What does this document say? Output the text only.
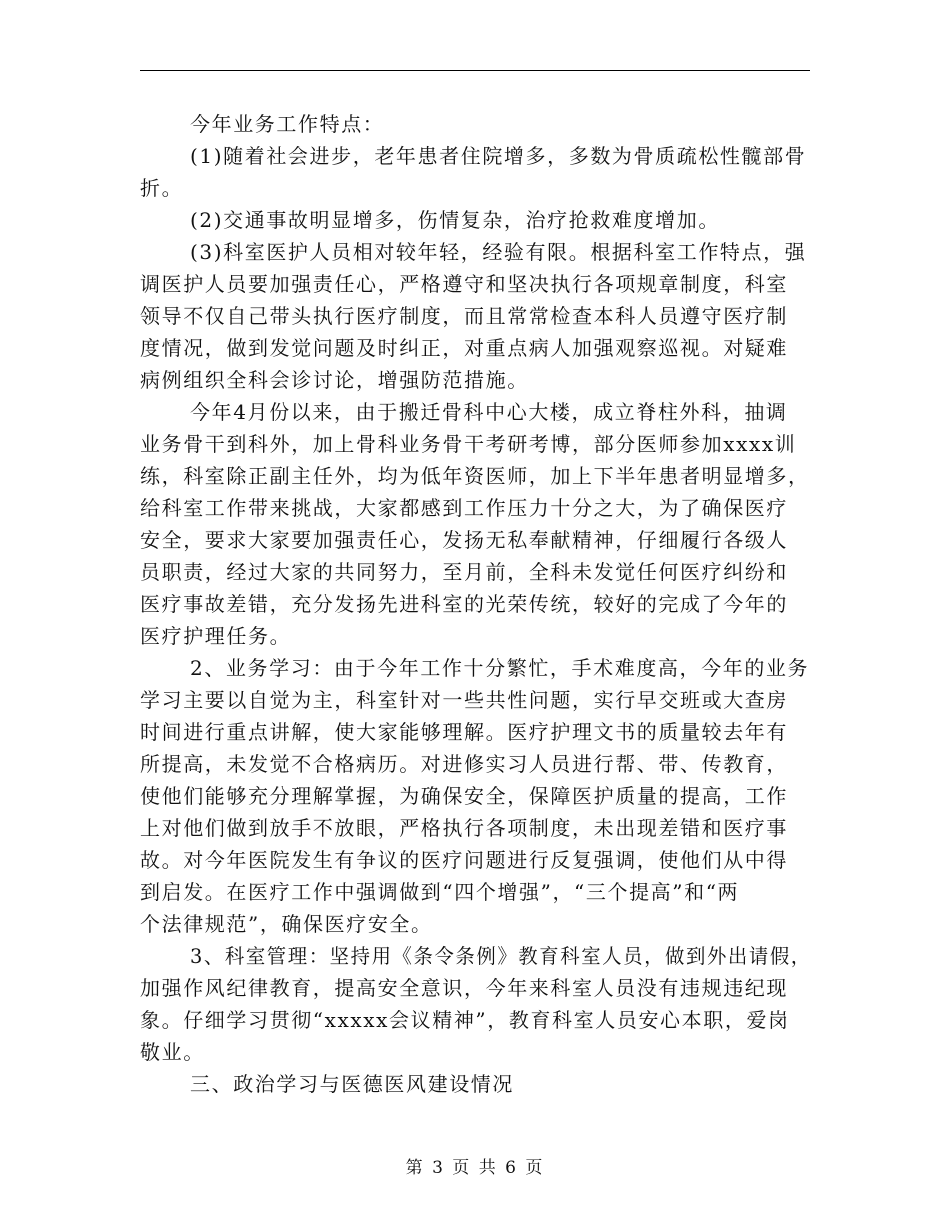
今年业务工作特点：
(1)随着社会进步，老年患者住院增多，多数为骨质疏松性髋部骨
折。
(2)交通事故明显增多，伤情复杂，治疗抢救难度增加。
(3)科室医护人员相对较年轻，经验有限。根据科室工作特点，强
调医护人员要加强责任心，严格遵守和坚决执行各项规章制度，科室
领导不仅自己带头执行医疗制度，而且常常检查本科人员遵守医疗制
度情况，做到发觉问题及时纠正，对重点病人加强观察巡视。对疑难
病例组织全科会诊讨论，增强防范措施。
今年4月份以来，由于搬迁骨科中心大楼，成立脊柱外科，抽调
业务骨干到科外，加上骨科业务骨干考研考博，部分医师参加xxxx训
练，科室除正副主任外，均为低年资医师，加上下半年患者明显增多，
给科室工作带来挑战，大家都感到工作压力十分之大，为了确保医疗
安全，要求大家要加强责任心，发扬无私奉献精神，仔细履行各级人
员职责，经过大家的共同努力，至月前，全科未发觉任何医疗纠纷和
医疗事故差错，充分发扬先进科室的光荣传统，较好的完成了今年的
医疗护理任务。
2、业务学习：由于今年工作十分繁忙，手术难度高，今年的业务
学习主要以自觉为主，科室针对一些共性问题，实行早交班或大查房
时间进行重点讲解，使大家能够理解。医疗护理文书的质量较去年有
所提高，未发觉不合格病历。对进修实习人员进行帮、带、传教育，
使他们能够充分理解掌握，为确保安全，保障医护质量的提高，工作
上对他们做到放手不放眼，严格执行各项制度，未出现差错和医疗事
故。对今年医院发生有争议的医疗问题进行反复强调，使他们从中得
到启发。在医疗工作中强调做到“四个增强”，“三个提高”和“两
个法律规范”，确保医疗安全。
3、科室管理：坚持用《条令条例》教育科室人员，做到外出请假，
加强作风纪律教育，提高安全意识，今年来科室人员没有违规违纪现
象。仔细学习贯彻“xxxxx会议精神”，教育科室人员安心本职，爱岗
敬业。
三、政治学习与医德医风建设情况
第 3 页 共 6 页
